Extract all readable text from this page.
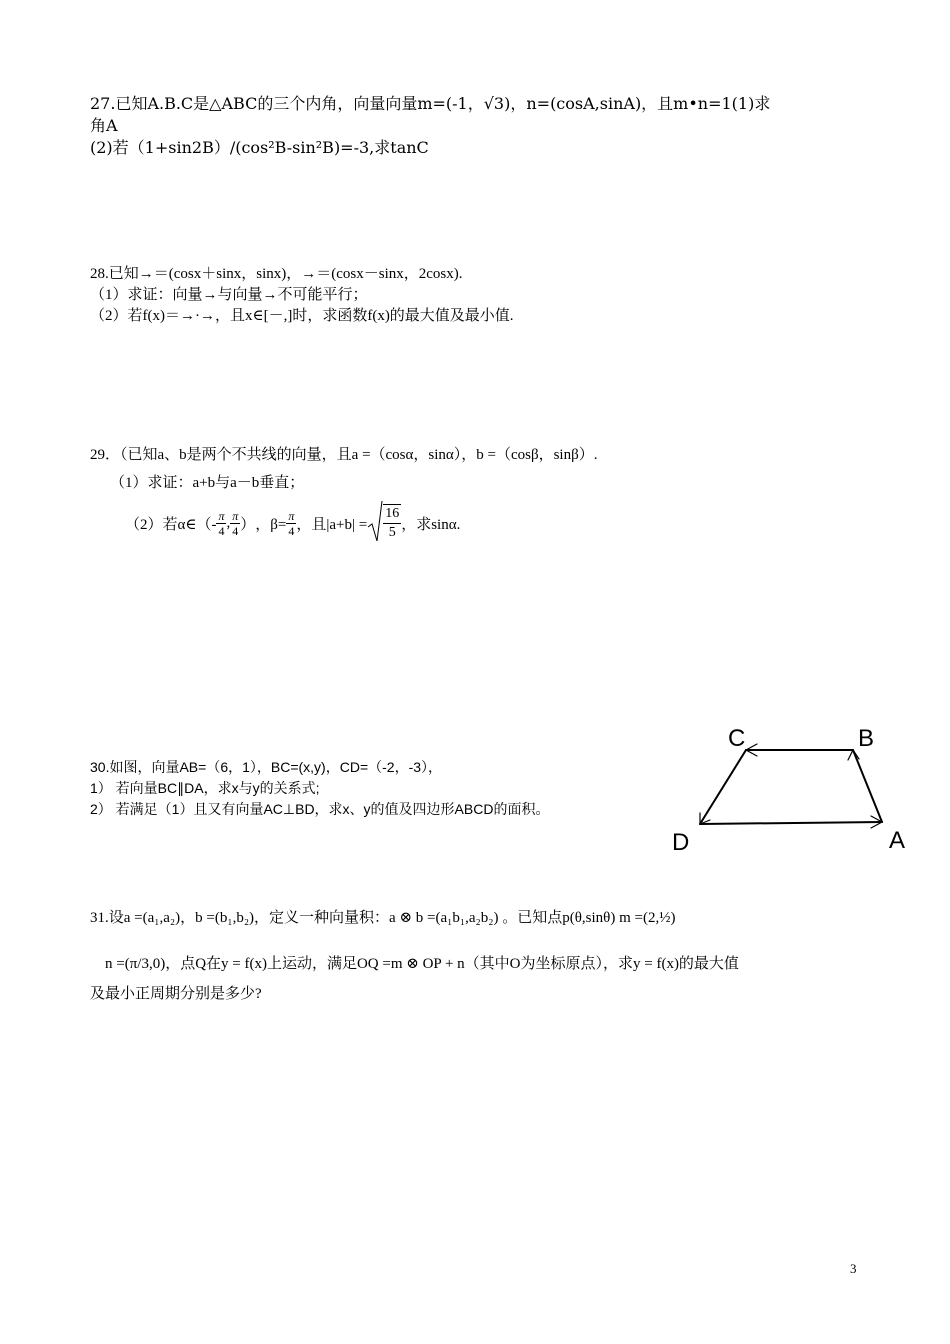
27.已知A.B.C是△ABC的三个内角，向量向量m=(-1，√3)，n=(cosA,sinA)，且m•n=1(1)求
角A
(2)若（1+sin2B）/(cos²B-sin²B)=-3,求tanC
28.已知→＝(cosx＋sinx，sinx)，→＝(cosx－sinx，2cosx).
（1）求证：向量→与向量→不可能平行；
（2）若f(x)＝→·→，且x∈[－,]时，求函数f(x)的最大值及最小值.
29．（已知a、b是两个不共线的向量，且a =（cosα，sinα），b =（cosβ，sinβ）.
（1）求证：a+b与a－b垂直；
（2）若α∈（- $\frac{\pi}{4}$ , $\frac{\pi}{4}$ ） ，$\beta= \frac{\pi}{4}$ ，且$|a+b| = \frac{16}{5}$ ，求sinα.
30.如图，向量AB=（6，1），BC=(x,y)，CD=（-2，-3），
1） 若向量BC∥DA，求x与y的关系式;
2） 若满足（1）且又有向量AC⊥BD，求x、y的值及四边形ABCD的面积。
C	B
A
D
31.设a =(a₁,a₂)，b =(b₁,b₂)，定义一种向量积：a ⊗ b =(a₁b₁,a₂b₂) 。已知点p(θ,sinθ) m =(2,½)
n =(π/3,0)，点Q在y = f(x)上运动，满足OQ =m ⊗ OP + n（其中O为坐标原点），求y = f(x)的最大值
及最小正周期分别是多少?
3
